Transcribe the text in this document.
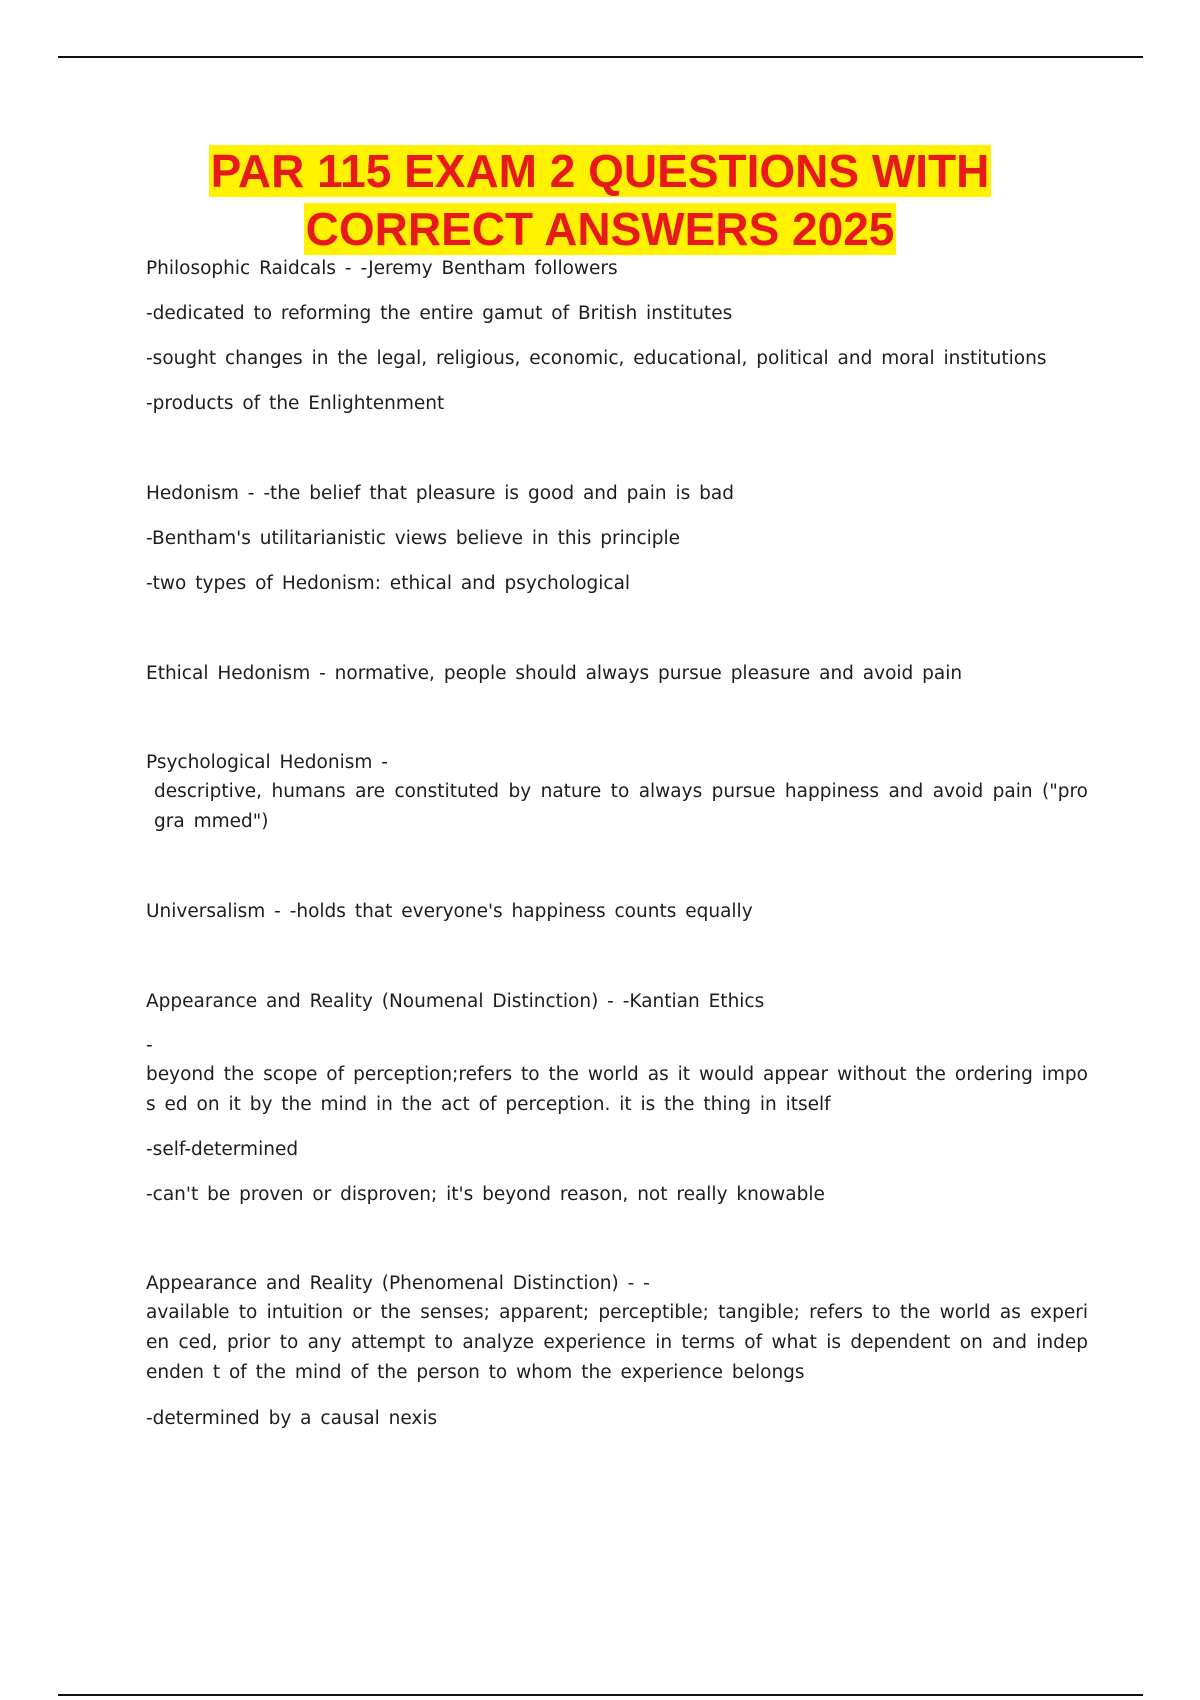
PAR 115 EXAM 2 QUESTIONS WITH
CORRECT ANSWERS 2025
Philosophic Raidcals - -Jeremy Bentham followers
-dedicated to reforming the entire gamut of British institutes
-sought changes in the legal, religious, economic, educational, political and moral institutions
-products of the Enlightenment
Hedonism - -the belief that pleasure is good and pain is bad
-Bentham's utilitarianistic views believe in this principle
-two types of Hedonism: ethical and psychological
Ethical Hedonism - normative, people should always pursue pleasure and avoid pain
Psychological Hedonism -
descriptive, humans are constituted by nature to always pursue happiness and avoid pain ("progra mmed")
Universalism - -holds that everyone's happiness counts equally
Appearance and Reality (Noumenal Distinction) - -Kantian Ethics
-
beyond the scope of perception;refers to the world as it would appear without the ordering impos ed on it by the mind in the act of perception. it is the thing in itself
-self-determined
-can't be proven or disproven; it's beyond reason, not really knowable
Appearance and Reality (Phenomenal Distinction) - -
available to intuition or the senses; apparent; perceptible; tangible; refers to the world as experien ced, prior to any attempt to analyze experience in terms of what is dependent on and independen t of the mind of the person to whom the experience belongs
-determined by a causal nexis
